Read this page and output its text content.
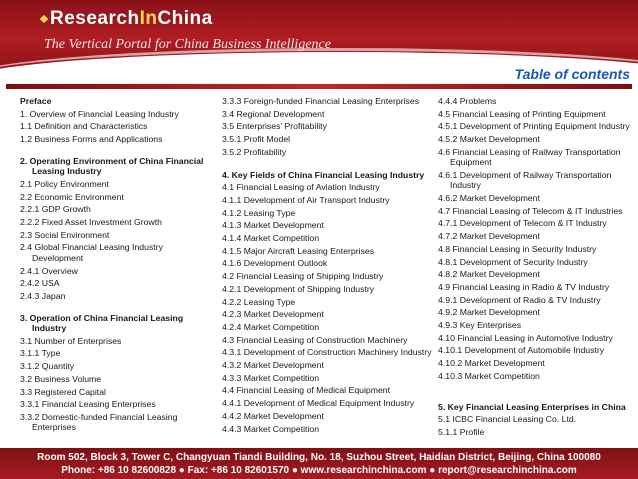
ResearchInChina
The Vertical Portal for China Business Intelligence
Table of contents
Preface
1. Overview of Financial Leasing Industry
1.1 Definition and Characteristics
1.2 Business Forms and Applications
2. Operating Environment of China Financial Leasing Industry
2.1 Policy Environment
2.2 Economic Environment
2.2.1 GDP Growth
2.2.2 Fixed Asset Investment Growth
2.3 Social Environment
2.4 Global Financial Leasing Industry Development
2.4.1 Overview
2.4.2 USA
2.4.3 Japan
3. Operation of China Financial Leasing Industry
3.1 Number of Enterprises
3.1.1 Type
3.1.2 Quantity
3.2 Business Volume
3.3 Registered Capital
3.3.1 Financial Leasing Enterprises
3.3.2 Domestic-funded Financial Leasing Enterprises
3.3.3 Foreign-funded Financial Leasing Enterprises
3.4 Regional Development
3.5 Enterprises’ Profitability
3.5.1 Profit Model
3.5.2 Profitability
4. Key Fields of China Financial Leasing Industry
4.1 Financial Leasing of Aviation Industry
4.1.1 Development of Air Transport Industry
4.1.2 Leasing Type
4.1.3 Market Development
4.1.4 Market Competition
4.1.5 Major Aircraft Leasing Enterprises
4.1.6 Development Outlook
4.2 Financial Leasing of Shipping Industry
4.2.1 Development of Shipping Industry
4.2.2 Leasing Type
4.2.3 Market Development
4.2.4 Market Competition
4.3 Financial Leasing of Construction Machinery
4.3.1 Development of Construction Machinery Industry
4.3.2 Market Development
4.3.3 Market Competition
4.4 Financial Leasing of Medical Equipment
4.4.1 Development of Medical Equipment Industry
4.4.2 Market Development
4.4.3 Market Competition
4.4.4 Problems
4.5 Financial Leasing of Printing Equipment
4.5.1 Development of Printing Equipment Industry
4.5.2 Market Development
4.6 Financial Leasing of Railway Transportation Equipment
4.6.1 Development of Railway Transportation Industry
4.6.2 Market Development
4.7 Financial Leasing of Telecom & IT Industries
4.7.1 Development of Telecom & IT Industry
4.7.2 Market Development
4.8 Financial Leasing in Security Industry
4.8.1 Development of Security Industry
4.8.2 Market Development
4.9 Financial Leasing in Radio & TV Industry
4.9.1 Development of Radio & TV Industry
4.9.2 Market Development
4.9.3 Key Enterprises
4.10 Financial Leasing in Automotive Industry
4.10.1 Development of Automobile Industry
4.10.2 Market Development
4.10.3 Market Competition
5. Key Financial Leasing Enterprises in China
5.1 ICBC Financial Leasing Co. Ltd.
5.1.1 Profile
Room 502, Block 3, Tower C, Changyuan Tiandi Building, No. 18, Suzhou Street, Haidian District, Beijing, China 100080
Phone: +86 10 82600828 ● Fax: +86 10 82601570 ● www.researchinchina.com ● report@researchinchina.com
